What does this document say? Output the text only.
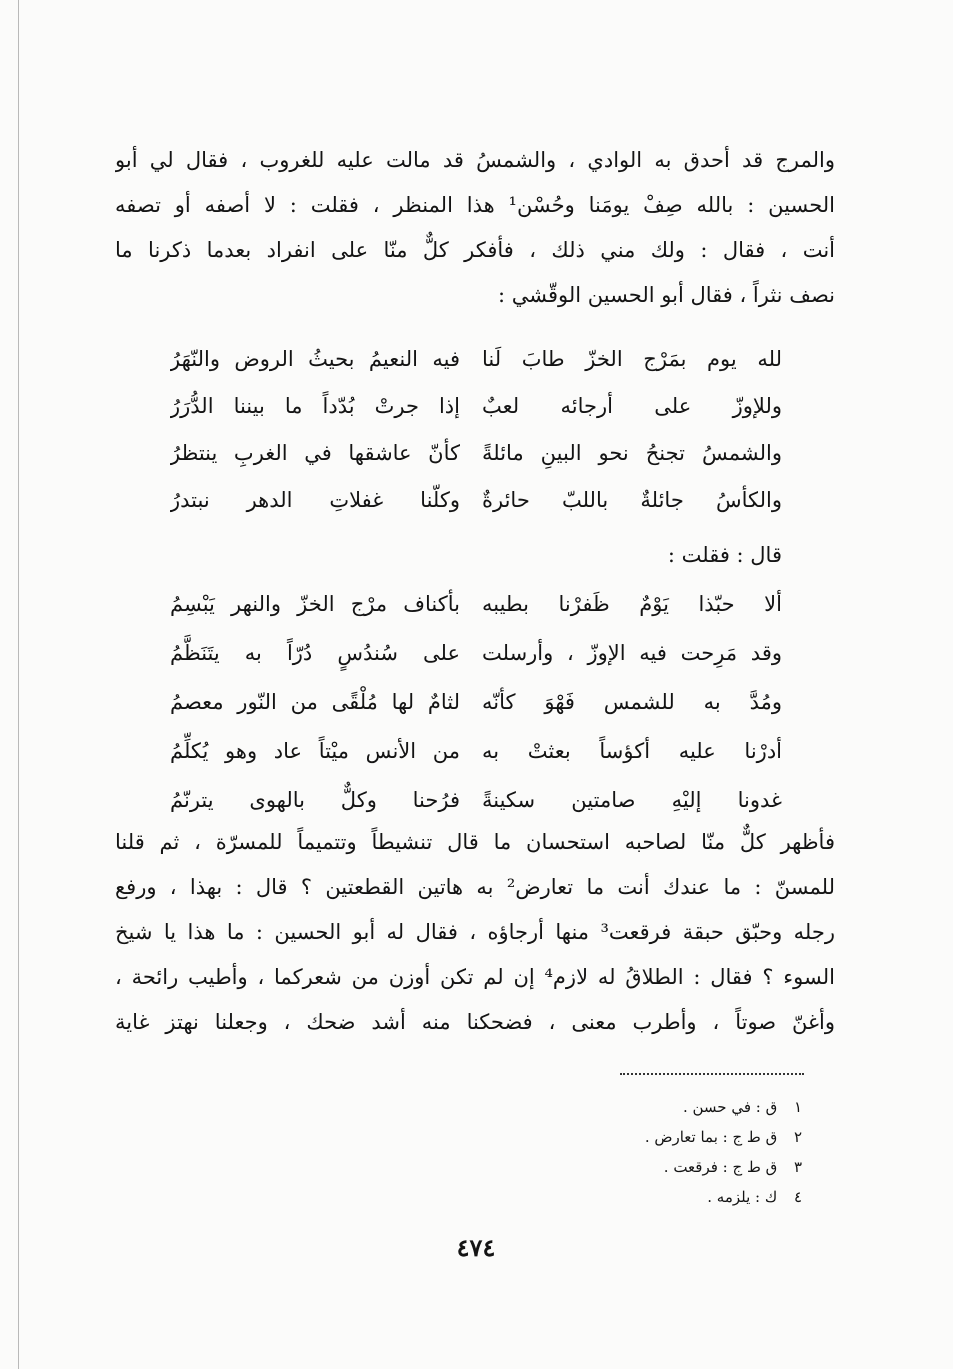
والمرج قد أحدق به الوادي ، والشمسُ قد مالت عليه للغروب ، فقال لي أبو
الحسين : بالله صِفْ يومَنا وحُسْن¹ هذا المنظر ، فقلت : لا أصفه أو تصفه
أنت ، فقال : ولك مني ذلك ، فأفكر كلٌّ منّا على انفراد بعدما ذكرنا ما
نصف نثراً ، فقال أبو الحسين الوقّشي :
لله يوم بمَرْج الخزّ طابَ لَنا
فيه النعيمُ بحيثُ الروض والنّهَرُ
وللإوزّ على أرجائه لعبٌ
إذا جرتْ بُدّداً ما بيننا الدُّرَرُ
والشمسُ تجنحُ نحو البينِ مائلةً
كأنّ عاشقها في الغربِ ينتظرُ
والكأسُ جائلةٌ باللبّ حائرةٌ
وكلّنا غفلاتِ الدهر نبتدرُ
قال : فقلت :
ألا حبّذا يَوْمٌ ظَفرْنا بطيبه
بأكناف مرْج الخزّ والنهر يَبْسِمُ
وقد مَرِحت فيه الإوزّ ، وأرسلت
على سُندُسٍ دُرّاً به يتَنَظَّمُ
ومُدَّ به للشمس فَهْوَ كأنّه
لثامٌ لها مُلْقًى من النّور معصمُ
أدرْنا عليه أكؤساً بعثتْ به
من الأنس ميْتاً عاد وهو يُكلِّمُ
غدونا إليْهِ صامتين سكينةً
فرُحنا وكلٌّ بالهوى يترنّمُ
فأظهر كلٌّ منّا لصاحبه استحسان ما قال تنشيطاً وتتميماً للمسرّة ، ثم قلنا
للمسنّ : ما عندك أنت ما تعارض² به هاتين القطعتين ؟ قال : بهذا ، ورفع
رجله وحبّق حبقة فرقعت³ منها أرجاؤه ، فقال له أبو الحسين : ما هذا يا شيخ
السوء ؟ فقال : الطلاقُ له لازم⁴ إن لم تكن أوزن من شعركما ، وأطيب رائحة ،
وأغنّ صوتاً ، وأطرب معنى ، فضحكنا منه أشد ضحك ، وجعلنا نهتز غاية
١ ق : في حسن .
٢ ق ط ج : بما تعارض .
٣ ق ط ج : فرقعت .
٤ ك : يلزمه .
٤٧٤
